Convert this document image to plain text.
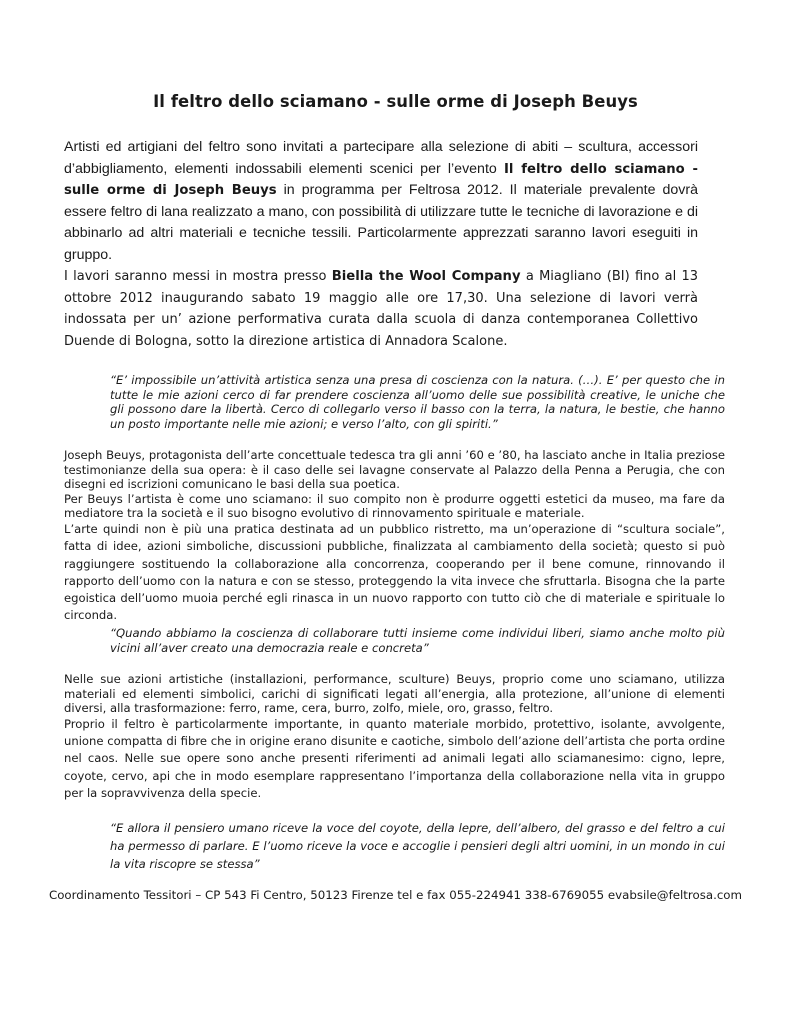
Il feltro dello sciamano - sulle orme di Joseph Beuys

Artisti ed artigiani del feltro sono invitati a partecipare alla selezione di abiti – scultura, accessori d’abbigliamento, elementi indossabili elementi scenici per l’evento Il feltro dello sciamano - sulle orme di Joseph Beuys in programma per Feltrosa 2012. Il materiale prevalente dovrà essere feltro di lana realizzato a mano, con possibilità di utilizzare tutte le tecniche di lavorazione e di abbinarlo ad altri materiali e tecniche tessili. Particolarmente apprezzati saranno lavori eseguiti in gruppo.

I lavori saranno messi in mostra presso Biella the Wool Company a Miagliano (BI) fino al 13 ottobre 2012 inaugurando sabato 19 maggio alle ore 17,30. Una selezione di lavori verrà indossata per un’ azione performativa curata dalla scuola di danza contemporanea Collettivo Duende di Bologna, sotto la direzione artistica di Annadora Scalone.

“E’ impossibile un’attività artistica senza una presa di coscienza con la natura. (…). E’ per questo che in tutte le mie azioni cerco di far prendere coscienza all’uomo delle sue possibilità creative, le uniche che gli possono dare la libertà. Cerco di collegarlo verso il basso con la terra, la natura, le bestie, che hanno un posto importante nelle mie azioni; e verso l’alto, con gli spiriti.”

Joseph Beuys, protagonista dell’arte concettuale tedesca tra gli anni ’60 e ’80, ha lasciato anche in Italia preziose testimonianze della sua opera: è il caso delle sei lavagne conservate al Palazzo della Penna a Perugia, che con disegni ed iscrizioni comunicano le basi della sua poetica.

Per Beuys l’artista è come uno sciamano: il suo compito non è produrre oggetti estetici da museo, ma fare da mediatore tra la società e il suo bisogno evolutivo di rinnovamento spirituale e materiale.

L’arte quindi non è più una pratica destinata ad un pubblico ristretto, ma un’operazione di “scultura sociale”, fatta di idee, azioni simboliche, discussioni pubbliche, finalizzata al cambiamento della società; questo si può raggiungere sostituendo la collaborazione alla concorrenza, cooperando per il bene comune, rinnovando il rapporto dell’uomo con la natura e con se stesso, proteggendo la vita invece che sfruttarla. Bisogna che la parte egoistica dell’uomo muoia perché egli rinasca in un nuovo rapporto con tutto ciò che di materiale e spirituale lo circonda.

“Quando abbiamo la coscienza di collaborare tutti insieme come individui liberi, siamo anche molto più vicini all’aver creato una democrazia reale e concreta”

Nelle sue azioni artistiche (installazioni, performance, sculture) Beuys, proprio come uno sciamano, utilizza materiali ed elementi simbolici, carichi di significati legati all’energia, alla protezione, all’unione di elementi diversi, alla trasformazione: ferro, rame, cera, burro, zolfo, miele, oro, grasso, feltro.

Proprio il feltro è particolarmente importante, in quanto materiale morbido, protettivo, isolante, avvolgente, unione compatta di fibre che in origine erano disunite e caotiche, simbolo dell’azione dell’artista che porta ordine nel caos. Nelle sue opere sono anche presenti riferimenti ad animali legati allo sciamanesimo: cigno, lepre, coyote, cervo, api che in modo esemplare rappresentano l’importanza della collaborazione nella vita in gruppo per la sopravvivenza della specie.

“E allora il pensiero umano riceve la voce del coyote, della lepre, dell’albero, del grasso e del feltro a cui ha permesso di parlare. E l’uomo riceve la voce e accoglie i pensieri degli altri uomini, in un mondo in cui la vita riscopre se stessa”
Coordinamento Tessitori – CP 543 Fi Centro, 50123 Firenze tel e fax 055-224941 338-6769055 evabsile@feltrosa.com
